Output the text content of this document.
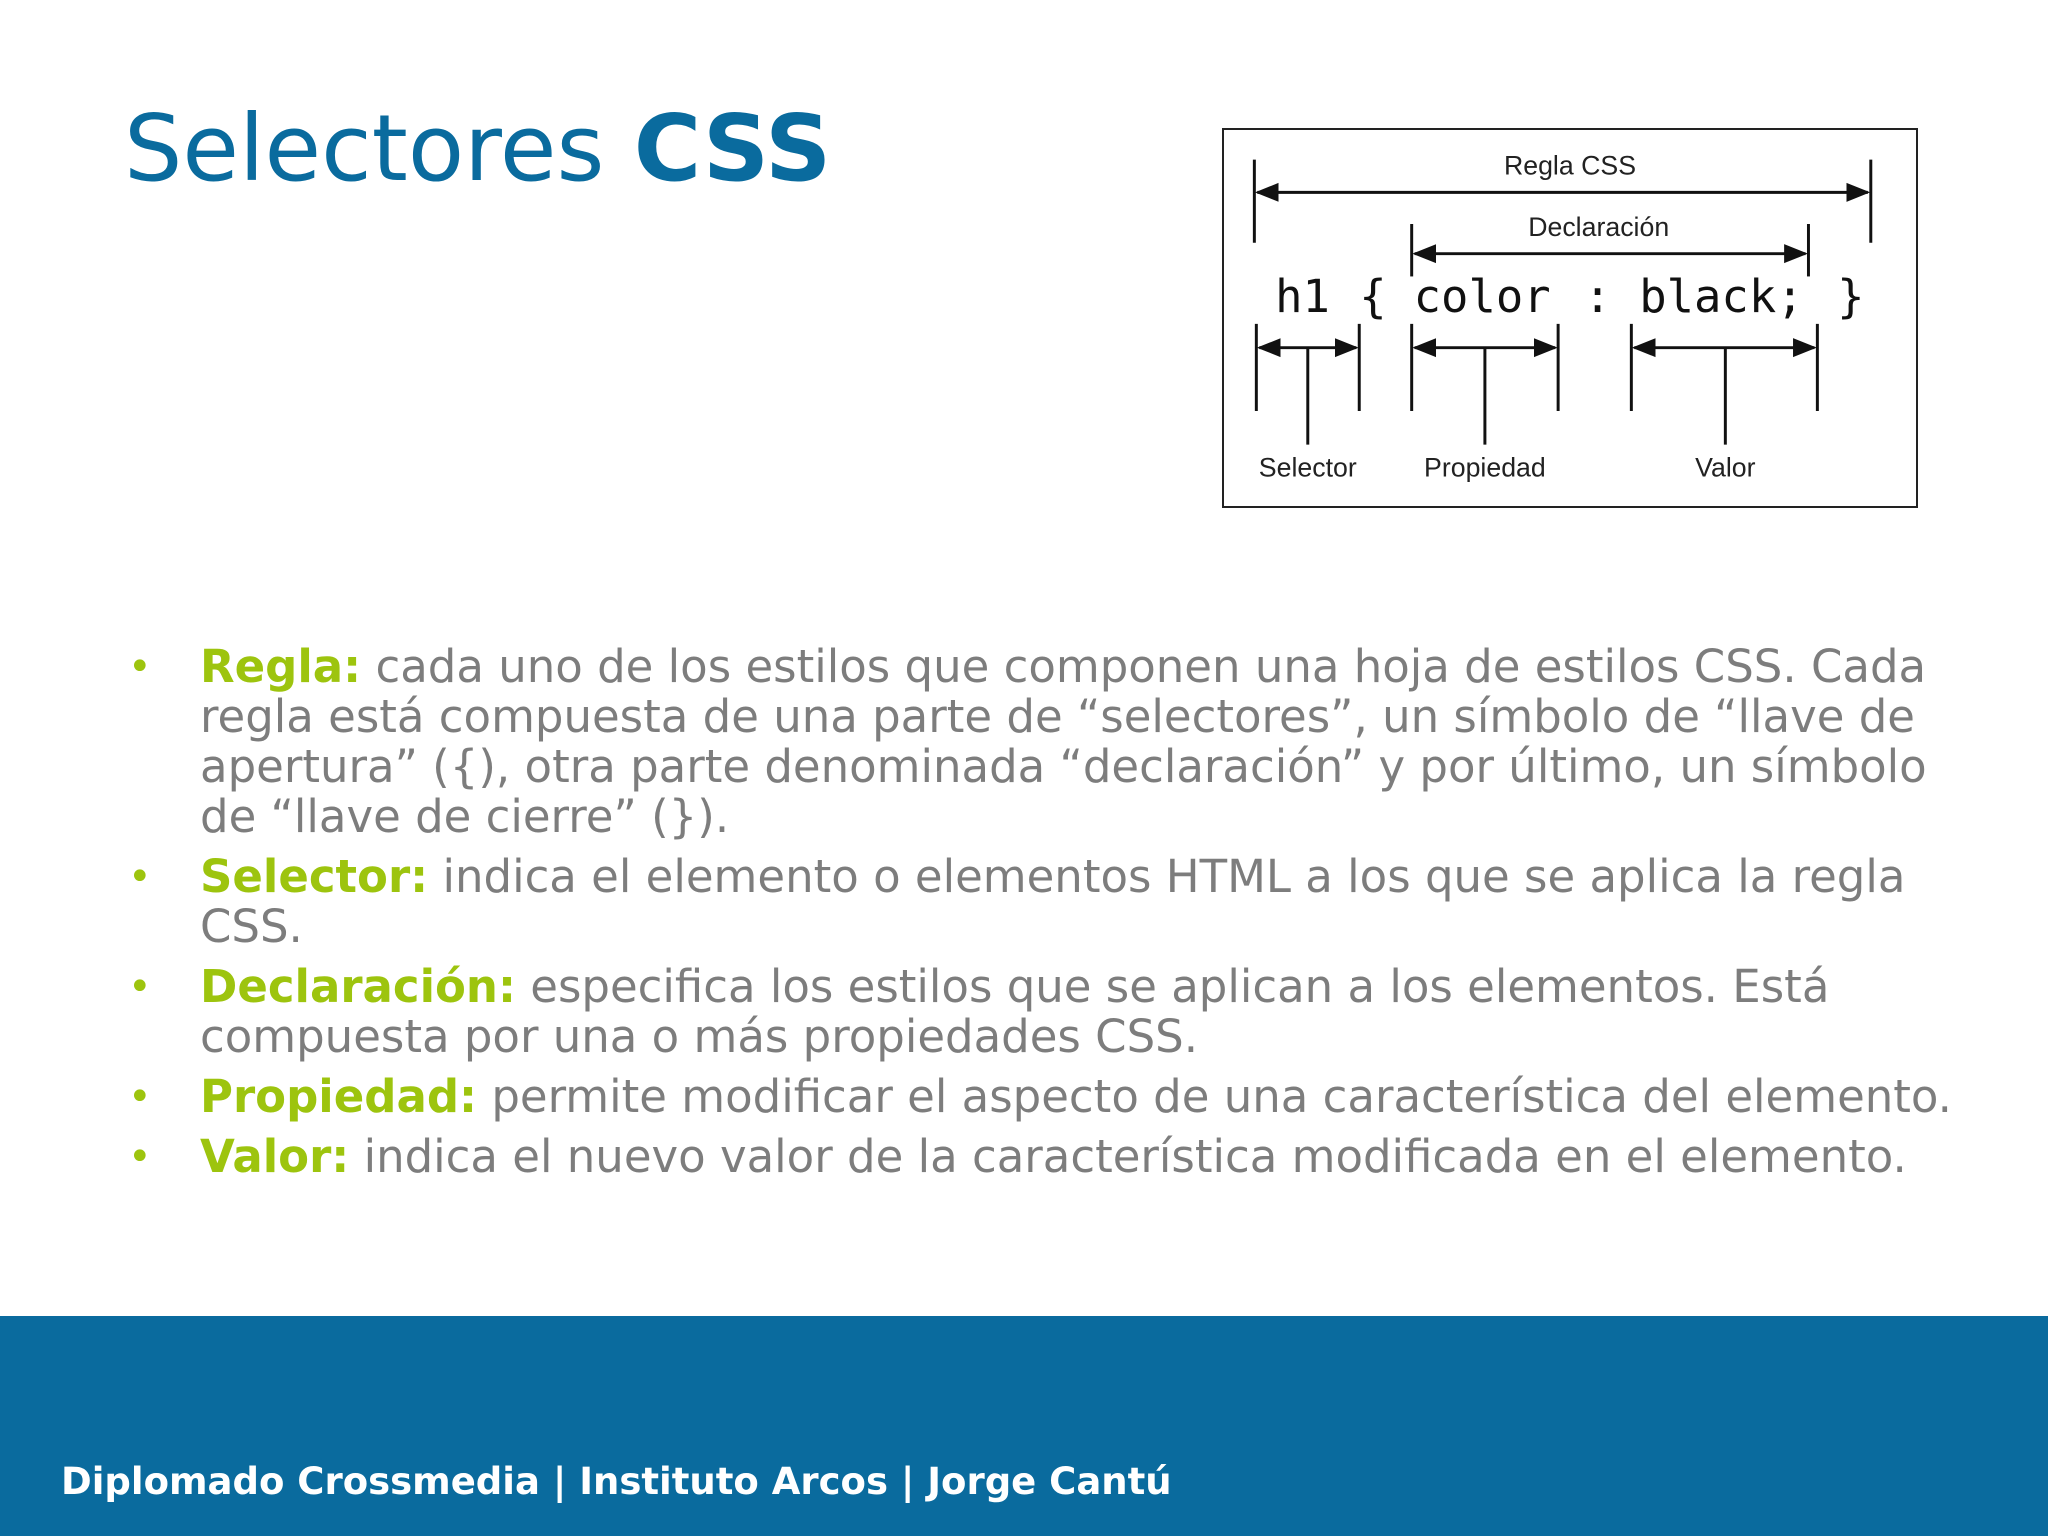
Selectores CSS	Regla CSS
Declaración
h1 { color : black; }
Selector Propiedad	Valor
• Regla: cada uno de los estilos que componen una hoja de estilos CSS. Cada regla está compuesta de una parte de “selectores”, un símbolo de “llave de apertura” ({), otra parte denominada “declaración” y por último, un símbolo de “llave de cierre” (}).
• Selector: indica el elemento o elementos HTML a los que se aplica la regla CSS.
• Declaración: especifica los estilos que se aplican a los elementos. Está compuesta por una o más propiedades CSS.
• Propiedad: permite modificar el aspecto de una característica del elemento.
• Valor: indica el nuevo valor de la característica modificada en el elemento.
Diplomado Crossmedia | Instituto Arcos | Jorge Cantú
